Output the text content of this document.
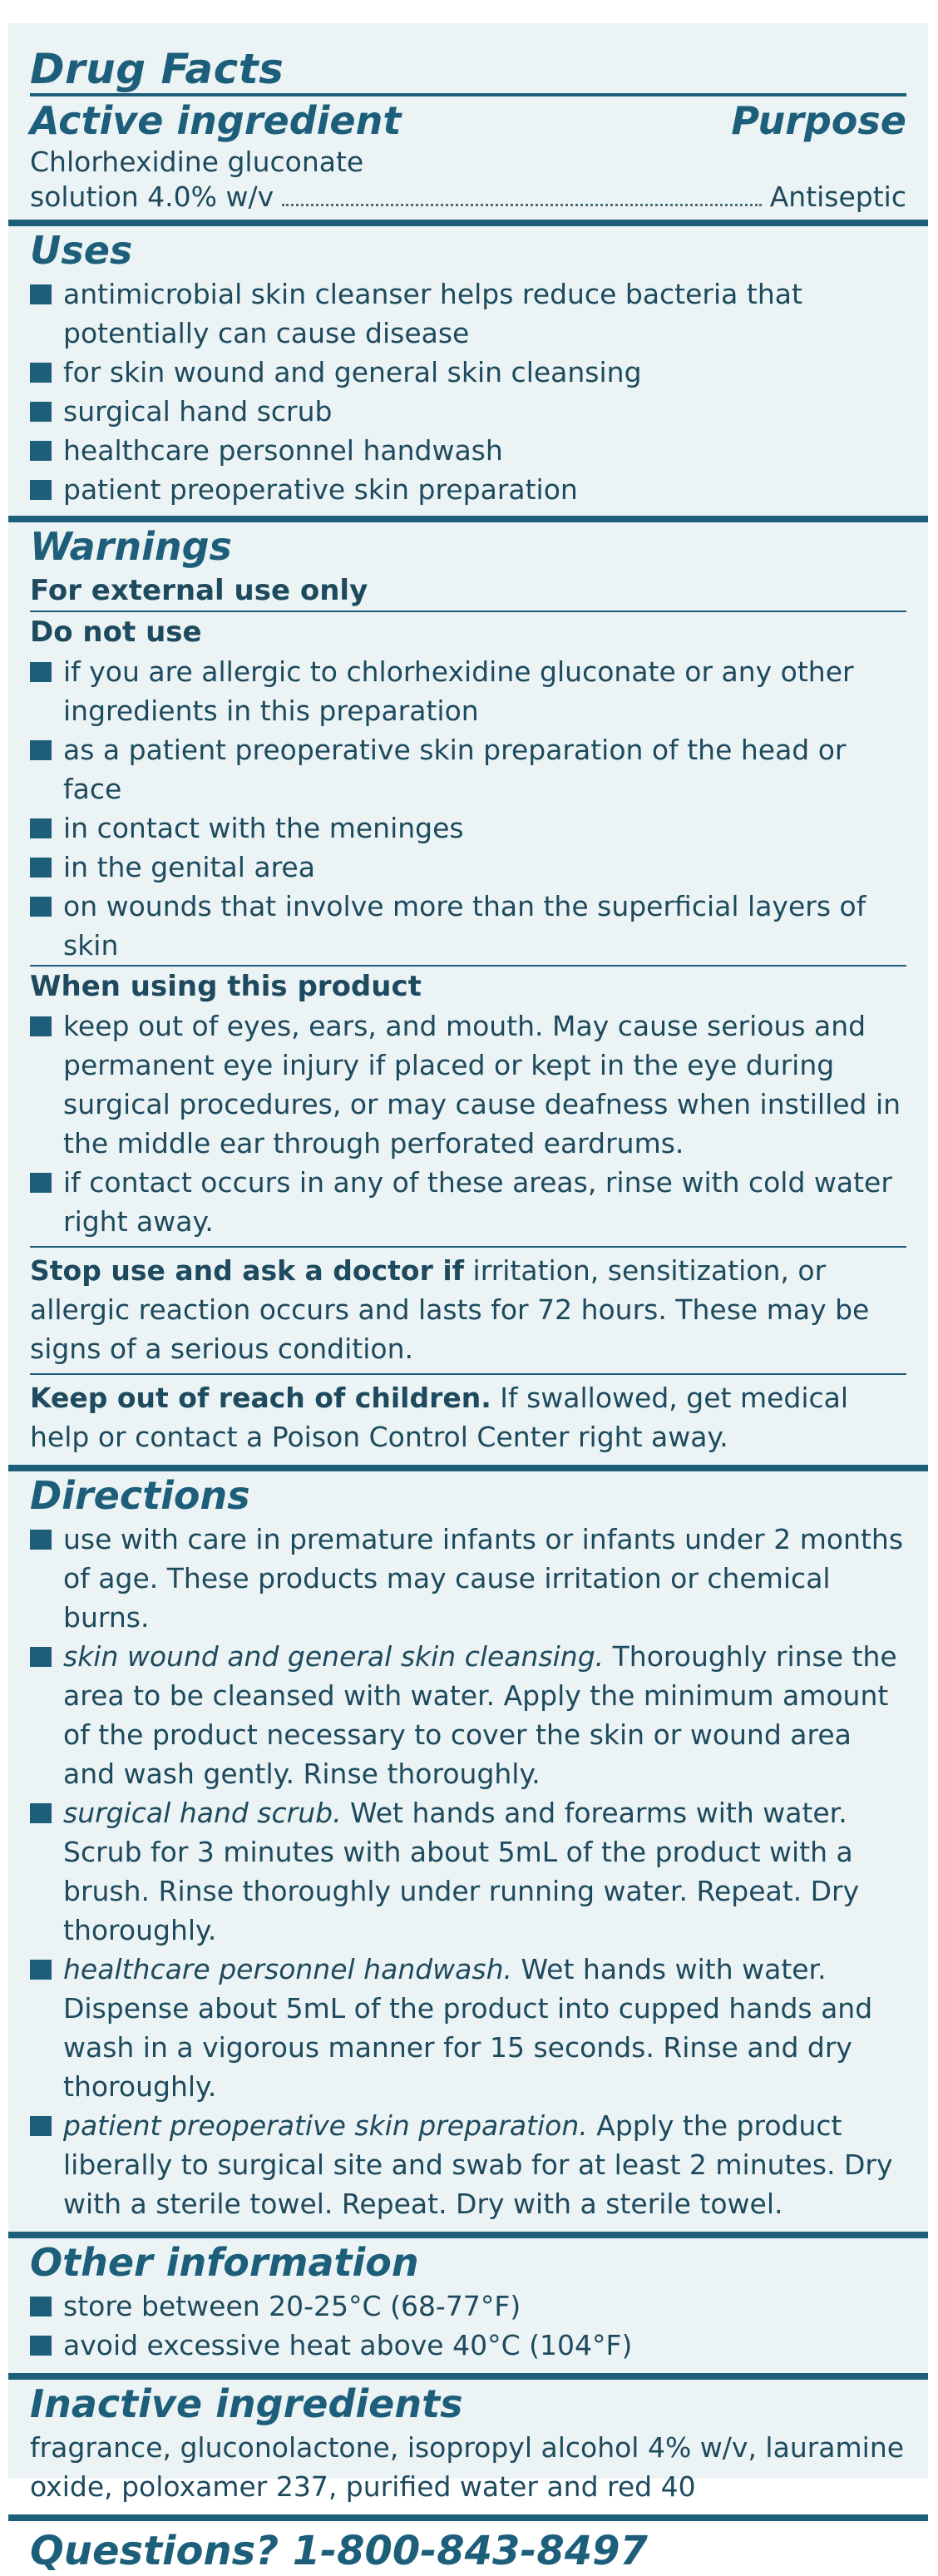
Drug Facts
Active ingredient	Purpose
Chlorhexidine gluconate
solution 4.0% w/v	Antiseptic
Uses
antimicrobial skin cleanser helps reduce bacteria that potentially can cause disease
for skin wound and general skin cleansing
surgical hand scrub
healthcare personnel handwash
patient preoperative skin preparation
Warnings
For external use only
Do not use
if you are allergic to chlorhexidine gluconate or any other ingredients in this preparation
as a patient preoperative skin preparation of the head or face
in contact with the meninges
in the genital area
on wounds that involve more than the superficial layers of skin
When using this product
keep out of eyes, ears, and mouth. May cause serious and permanent eye injury if placed or kept in the eye during surgical procedures, or may cause deafness when instilled in the middle ear through perforated eardrums.
if contact occurs in any of these areas, rinse with cold water right away.
Stop use and ask a doctor if irritation, sensitization, or allergic reaction occurs and lasts for 72 hours. These may be signs of a serious condition.
Keep out of reach of children. If swallowed, get medical help or contact a Poison Control Center right away.
Directions
use with care in premature infants or infants under 2 months of age. These products may cause irritation or chemical burns.
skin wound and general skin cleansing. Thoroughly rinse the area to be cleansed with water. Apply the minimum amount of the product necessary to cover the skin or wound area and wash gently. Rinse thoroughly.
surgical hand scrub. Wet hands and forearms with water. Scrub for 3 minutes with about 5mL of the product with a brush. Rinse thoroughly under running water. Repeat. Dry thoroughly.
healthcare personnel handwash. Wet hands with water. Dispense about 5mL of the product into cupped hands and wash in a vigorous manner for 15 seconds. Rinse and dry thoroughly.
patient preoperative skin preparation. Apply the product liberally to surgical site and swab for at least 2 minutes. Dry with a sterile towel. Repeat. Dry with a sterile towel.
Other information
store between 20-25°C (68-77°F)
avoid excessive heat above 40°C (104°F)
Inactive ingredients
fragrance, gluconolactone, isopropyl alcohol 4% w/v, lauramine oxide, poloxamer 237, purified water and red 40
Questions? 1-800-843-8497
